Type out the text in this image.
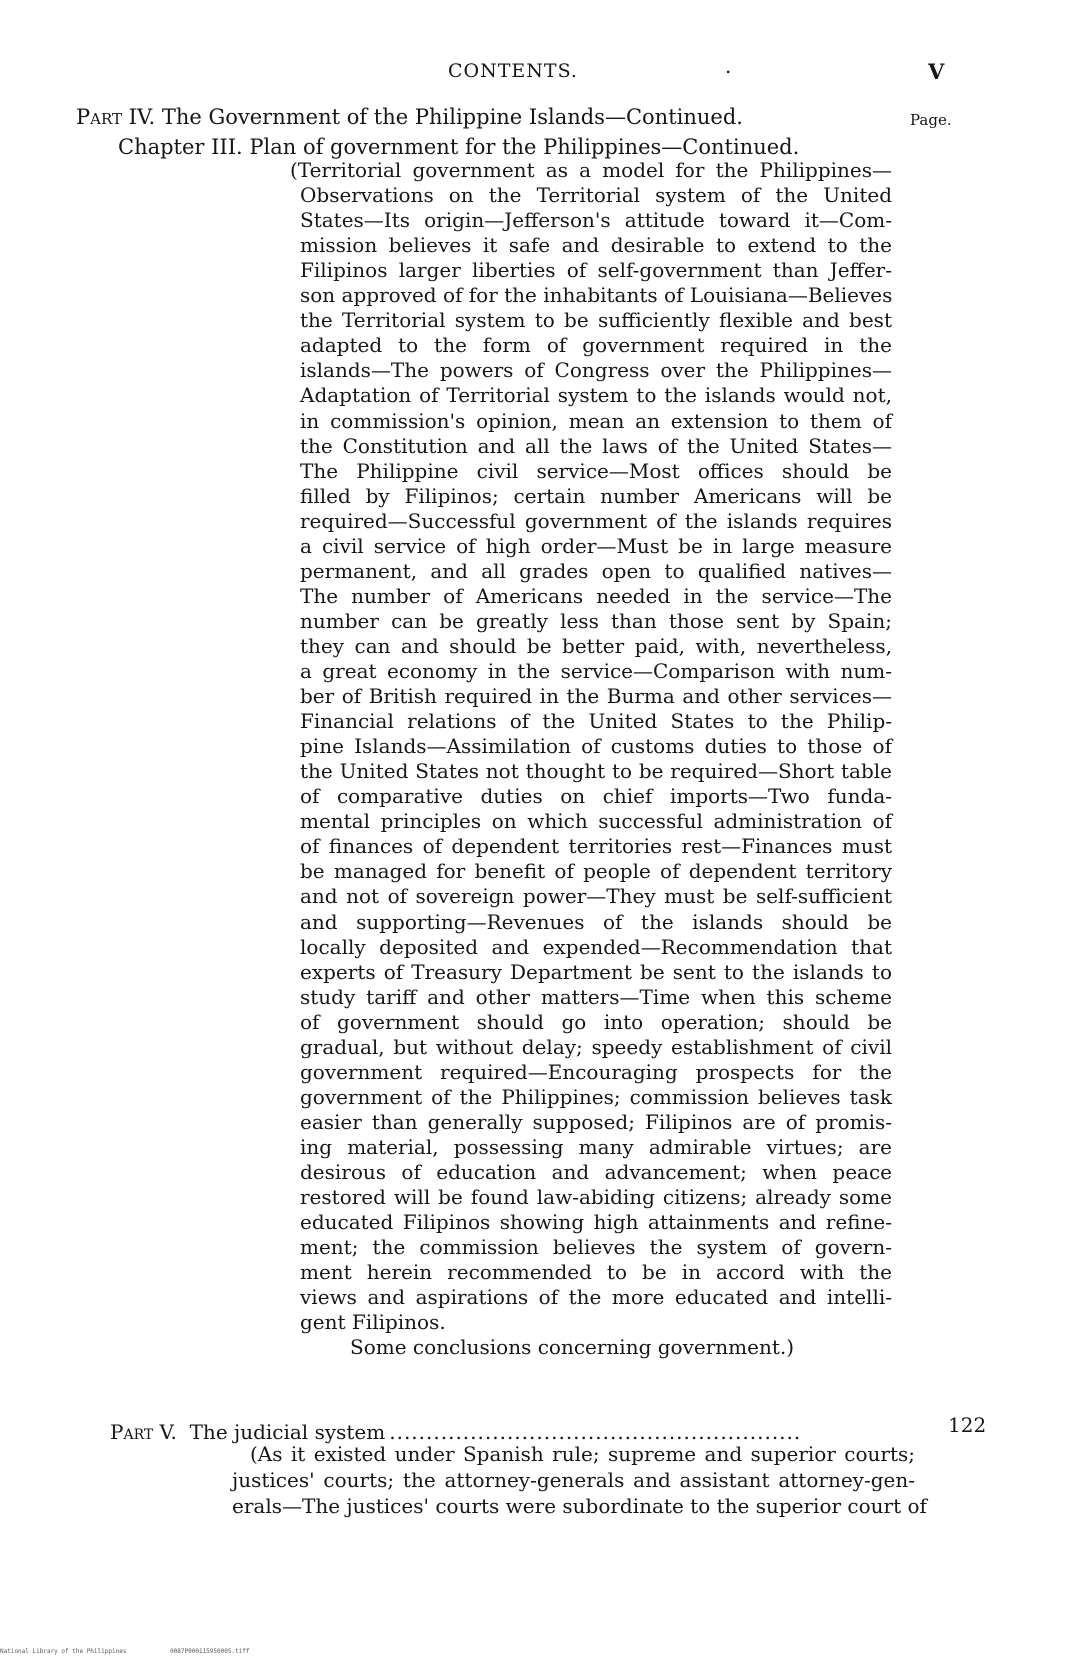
CONTENTS.	.	V

Part IV. The Government of the Philippine Islands—Continued.	Page.

Chapter III. Plan of government for the Philippines—Continued.

(Territorial government as a model for the Philippines—

Observations on the Territorial system of the United

States—Its origin—Jefferson's attitude toward it—Com-

mission believes it safe and desirable to extend to the

Filipinos larger liberties of self-government than Jeffer-

son approved of for the inhabitants of Louisiana—Believes

the Territorial system to be sufficiently flexible and best

adapted to the form of government required in the

islands—The powers of Congress over the Philippines—

Adaptation of Territorial system to the islands would not,

in commission's opinion, mean an extension to them of

the Constitution and all the laws of the United States—

The Philippine civil service—Most offices should be

filled by Filipinos; certain number Americans will be

required—Successful government of the islands requires

a civil service of high order—Must be in large measure

permanent, and all grades open to qualified natives—

The number of Americans needed in the service—The

number can be greatly less than those sent by Spain;

they can and should be better paid, with, nevertheless,

a great economy in the service—Comparison with num-

ber of British required in the Burma and other services—

Financial relations of the United States to the Philip-

pine Islands—Assimilation of customs duties to those of

the United States not thought to be required—Short table

of comparative duties on chief imports—Two funda-

mental principles on which successful administration of

of finances of dependent territories rest—Finances must

be managed for benefit of people of dependent territory

and not of sovereign power—They must be self-sufficient

and supporting—Revenues of the islands should be

locally deposited and expended—Recommendation that

experts of Treasury Department be sent to the islands to

study tariff and other matters—Time when this scheme

of government should go into operation; should be

gradual, but without delay; speedy establishment of civil

government required—Encouraging prospects for the

government of the Philippines; commission believes task

easier than generally supposed; Filipinos are of promis-

ing material, possessing many admirable virtues; are

desirous of education and advancement; when peace

restored will be found law-abiding citizens; already some

educated Filipinos showing high attainments and refine-

ment; the commission believes the system of govern-

ment herein recommended to be in accord with the

views and aspirations of the more educated and intelli-

gent Filipinos.

Some conclusions concerning government.)

Part V.
The judicial system ........................................................	122

(As it existed under Spanish rule; supreme and superior courts;

justices' courts; the attorney-generals and assistant attorney-gen-

erals—The justices' courts were subordinate to the superior court of

National Library of the Philippines	0087P000115950005.tiff
